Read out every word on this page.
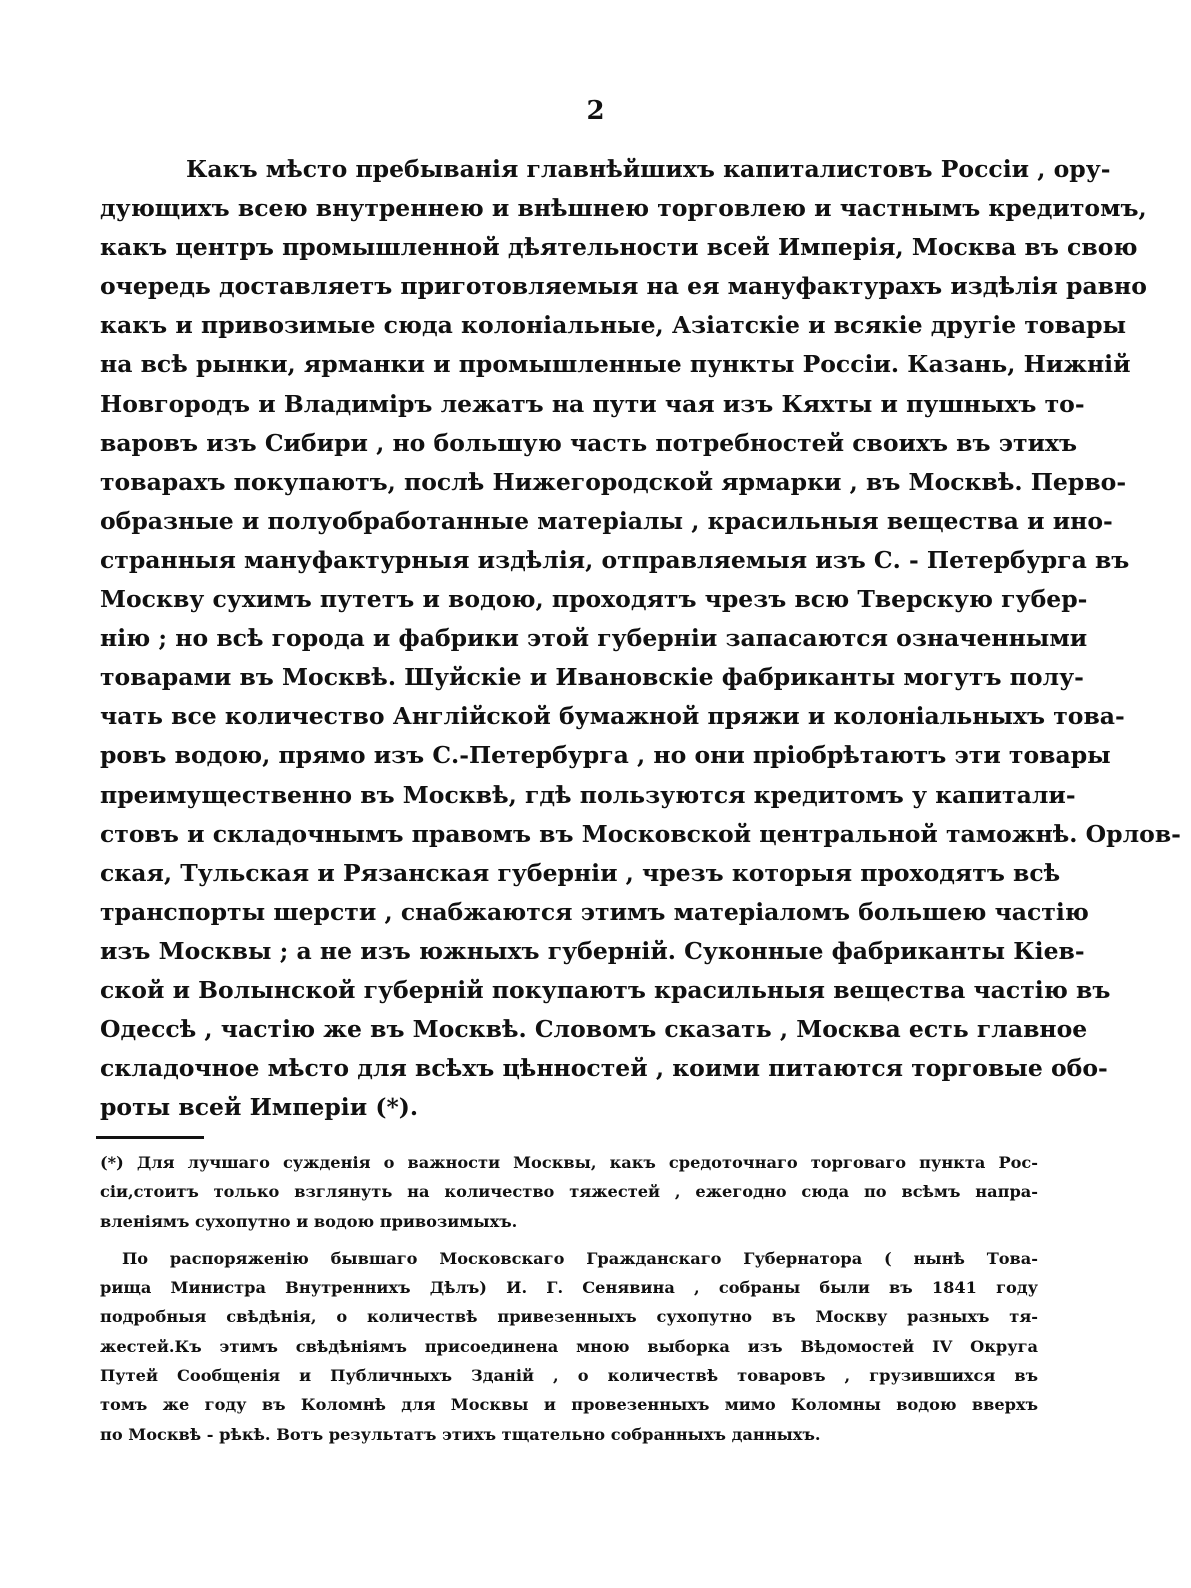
2
Какъ мѣсто пребыванія главнѣйшихъ капиталистовъ Россіи , ору-
дующихъ всею внутреннею и внѣшнею торговлею и частнымъ кредитомъ,
какъ центръ промышленной дѣятельности всей Имперія, Москва въ свою
очередь доставляетъ приготовляемыя на ея мануфактурахъ издѣлія равно
какъ и привозимые сюда колоніальные, Азіатскіе и всякіе другіе товары
на всѣ рынки, ярманки и промышленные пункты Россіи. Казань, Нижній
Новгородъ и Владиміръ лежатъ на пути чая изъ Кяхты и пушныхъ то-
варовъ изъ Сибири , но большую часть потребностей своихъ въ этихъ
товарахъ покупаютъ, послѣ Нижегородской ярмарки , въ Москвѣ. Перво-
образные и полуобработанные матеріалы , красильныя вещества и ино-
странныя мануфактурныя издѣлія, отправляемыя изъ С. - Петербурга въ
Москву сухимъ путетъ и водою, проходятъ чрезъ всю Тверскую губер-
нію ; но всѣ города и фабрики этой губерніи запасаются означенными
товарами въ Москвѣ. Шуйскіе и Ивановскіе фабриканты могутъ полу-
чать все количество Англійской бумажной пряжи и колоніальныхъ това-
ровъ водою, прямо изъ С.-Петербурга , но они пріобрѣтаютъ эти товары
преимущественно въ Москвѣ, гдѣ пользуются кредитомъ у капитали-
стовъ и складочнымъ правомъ въ Московской центральной таможнѣ. Орлов-
ская, Тульская и Рязанская губерніи , чрезъ которыя проходятъ всѣ
транспорты шерсти , снабжаются этимъ матеріаломъ большею частію
изъ Москвы ; а не изъ южныхъ губерній. Суконные фабриканты Кіев-
ской и Волынской губерній покупаютъ красильныя вещества частію въ
Одессѣ , частію же въ Москвѣ. Словомъ сказать , Москва есть главное
складочное мѣсто для всѣхъ цѣнностей , коими питаются торговые обо-
роты всей Имперіи (*).
(*) Для лучшаго сужденія о важности Москвы, какъ средоточнаго торговаго пункта Рос-
сіи,стоитъ только взглянуть на количество тяжестей , ежегодно сюда по всѣмъ напра-
вленіямъ сухопутно и водою привозимыхъ.
По распоряженію бывшаго Московскаго Гражданскаго Губернатора ( нынѣ Това-
рища Министра Внутреннихъ Дѣлъ) И. Г. Сенявина , собраны были въ 1841 году
подробныя свѣдѣнія, о количествѣ привезенныхъ сухопутно въ Москву разныхъ тя-
жестей.Къ этимъ свѣдѣніямъ присоединена мною выборка изъ Вѣдомостей IV Округа
Путей Сообщенія и Публичныхъ Зданій , о количествѣ товаровъ , грузившихся въ
томъ же году въ Коломнѣ для Москвы и провезенныхъ мимо Коломны водою вверхъ
по Москвѣ - рѣкѣ. Вотъ результатъ этихъ тщательно собранныхъ данныхъ.
